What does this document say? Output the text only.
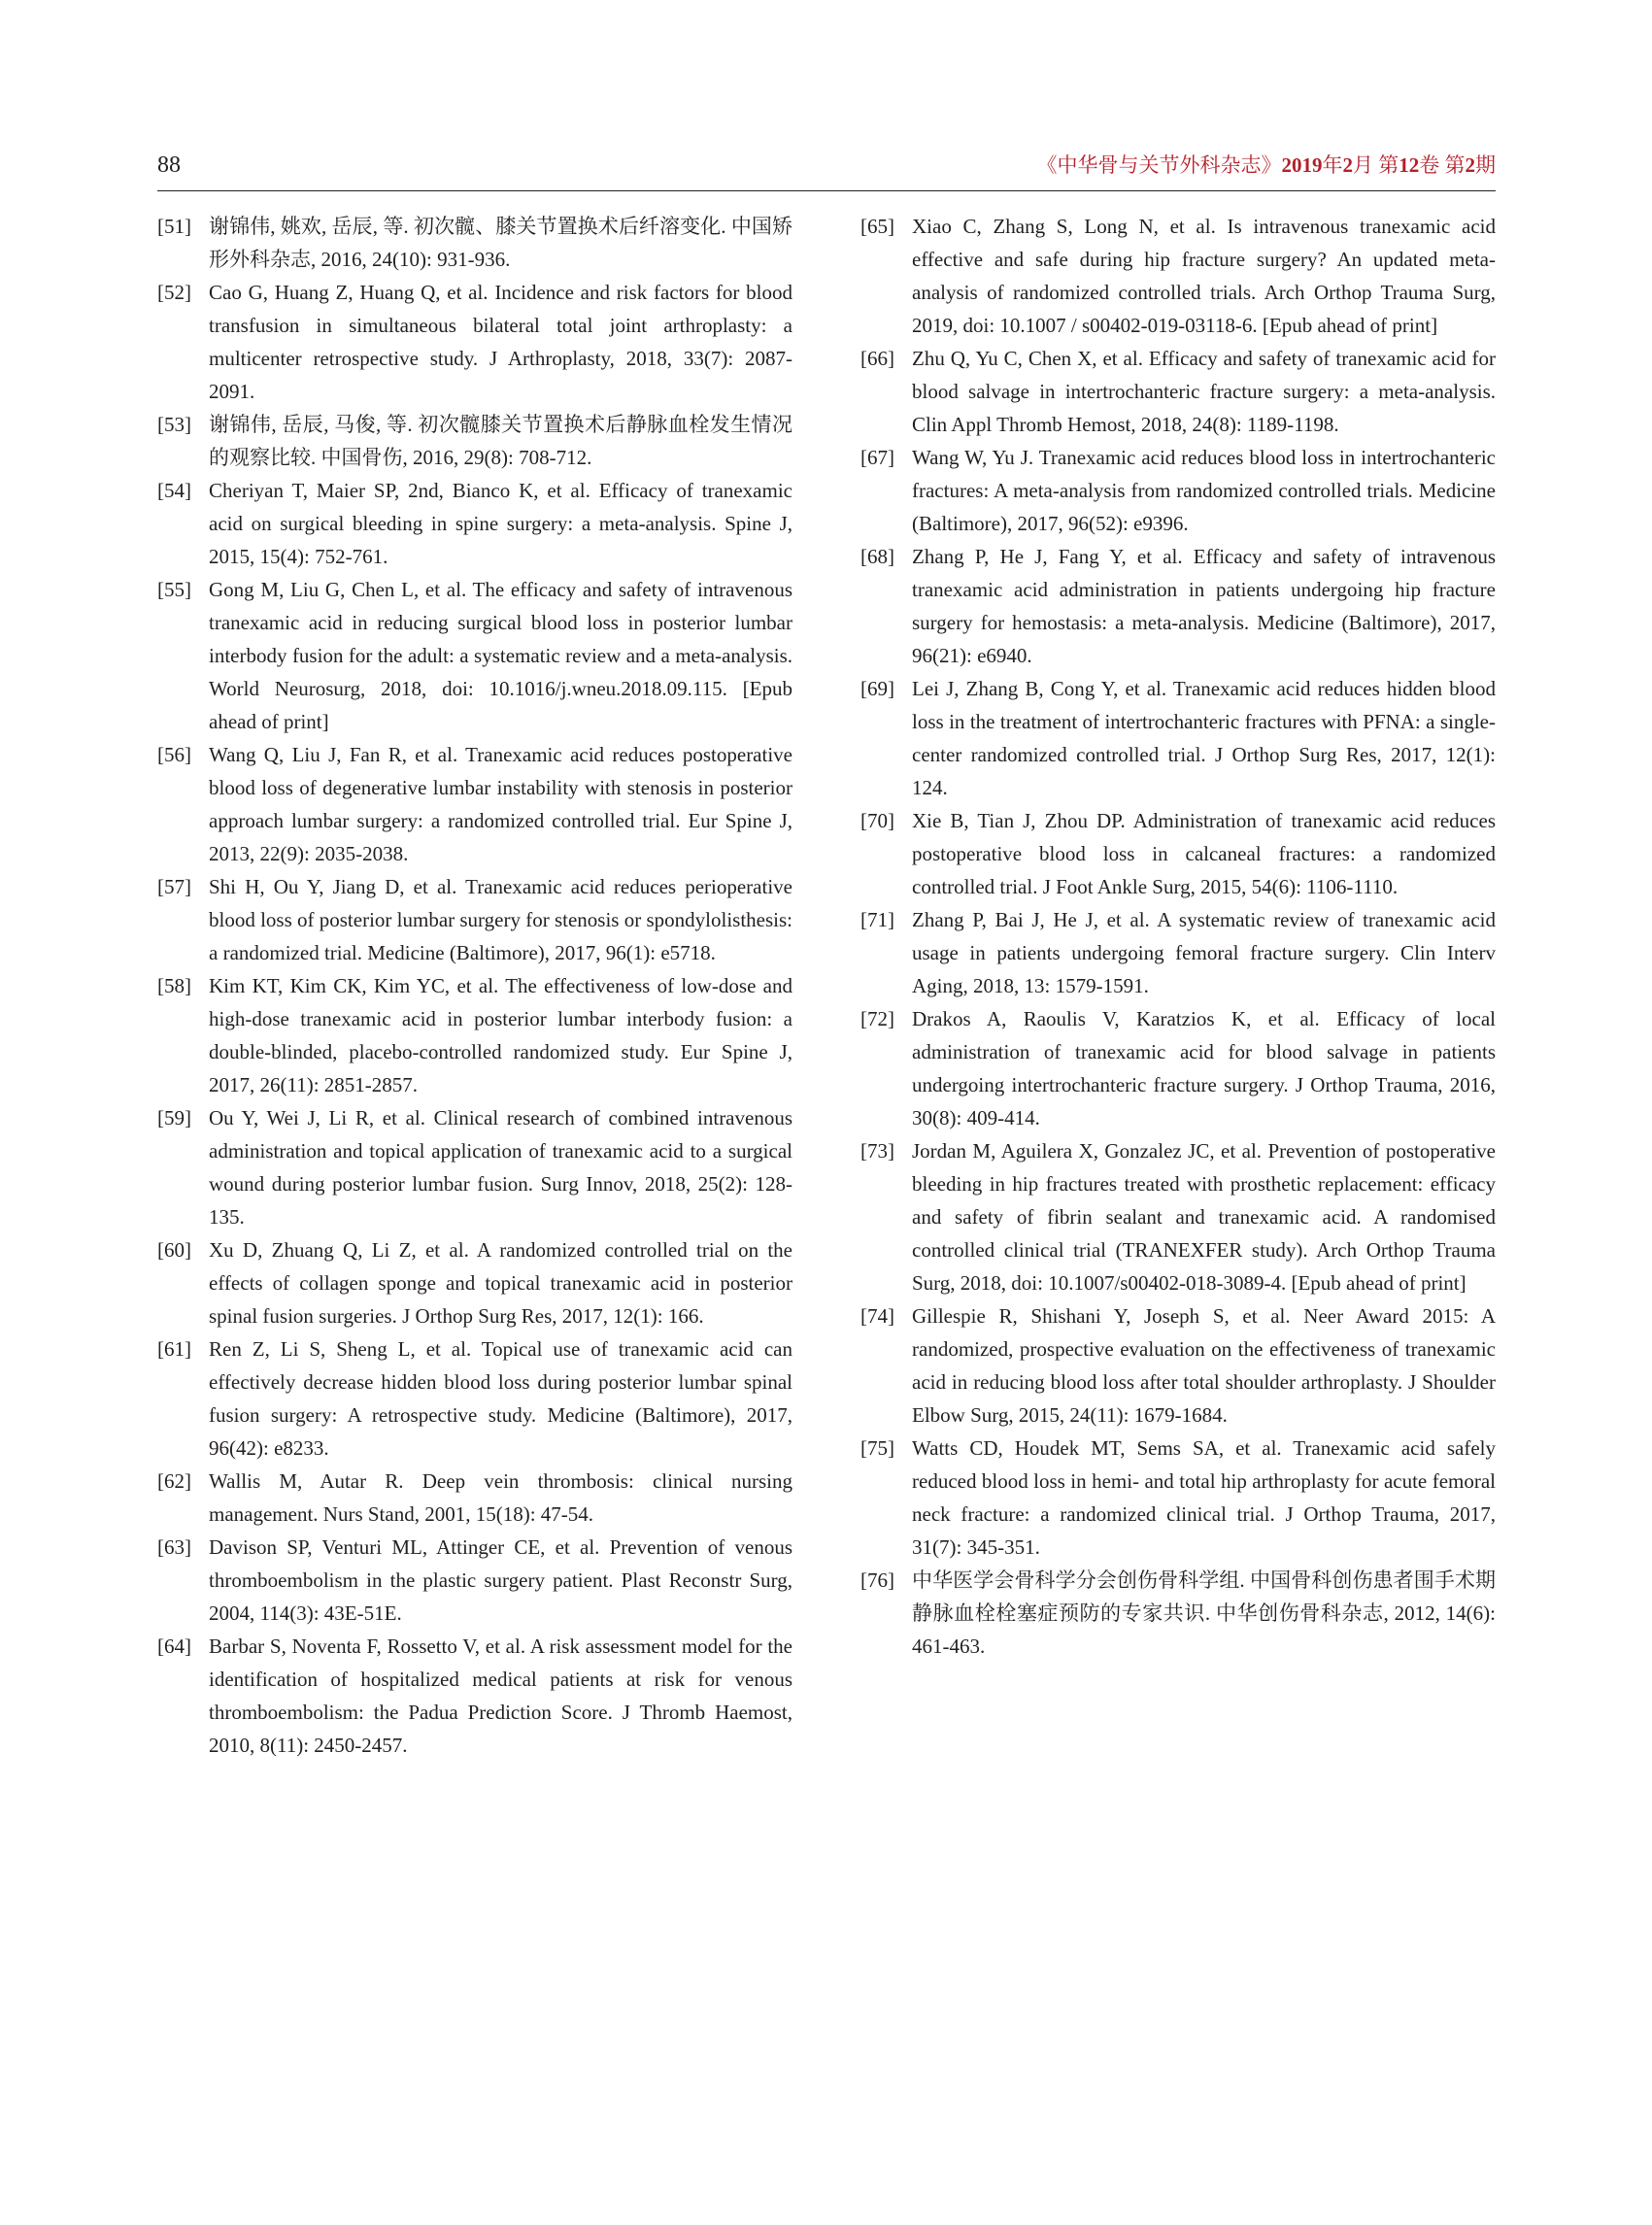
88	《中华骨与关节外科杂志》2019年2月 第12卷 第2期

[51] 谢锦伟, 姚欢, 岳辰, 等. 初次髋、膝关节置换术后纤溶变化. 中国矫形外科杂志, 2016, 24(10): 931-936.

[52] Cao G, Huang Z, Huang Q, et al. Incidence and risk factors for blood transfusion in simultaneous bilateral total joint arthroplasty: a multicenter retrospective study. J Arthroplasty, 2018, 33(7): 2087-2091.

[53] 谢锦伟, 岳辰, 马俊, 等. 初次髋膝关节置换术后静脉血栓发生情况的观察比较. 中国骨伤, 2016, 29(8): 708-712.

[54] Cheriyan T, Maier SP, 2nd, Bianco K, et al. Efficacy of tranexamic acid on surgical bleeding in spine surgery: a meta-analysis. Spine J, 2015, 15(4): 752-761.

[55] Gong M, Liu G, Chen L, et al. The efficacy and safety of intravenous tranexamic acid in reducing surgical blood loss in posterior lumbar interbody fusion for the adult: a systematic review and a meta-analysis. World Neurosurg, 2018, doi: 10.1016/j.wneu.2018.09.115. [Epub ahead of print]

[56] Wang Q, Liu J, Fan R, et al. Tranexamic acid reduces postoperative blood loss of degenerative lumbar instability with stenosis in posterior approach lumbar surgery: a randomized controlled trial. Eur Spine J, 2013, 22(9): 2035-2038.

[57] Shi H, Ou Y, Jiang D, et al. Tranexamic acid reduces perioperative blood loss of posterior lumbar surgery for stenosis or spondylolisthesis: a randomized trial. Medicine (Baltimore), 2017, 96(1): e5718.

[58] Kim KT, Kim CK, Kim YC, et al. The effectiveness of low-dose and high-dose tranexamic acid in posterior lumbar interbody fusion: a double-blinded, placebo-controlled randomized study. Eur Spine J, 2017, 26(11): 2851-2857.

[59] Ou Y, Wei J, Li R, et al. Clinical research of combined intravenous administration and topical application of tranexamic acid to a surgical wound during posterior lumbar fusion. Surg Innov, 2018, 25(2): 128-135.

[60] Xu D, Zhuang Q, Li Z, et al. A randomized controlled trial on the effects of collagen sponge and topical tranexamic acid in posterior spinal fusion surgeries. J Orthop Surg Res, 2017, 12(1): 166.

[61] Ren Z, Li S, Sheng L, et al. Topical use of tranexamic acid can effectively decrease hidden blood loss during posterior lumbar spinal fusion surgery: A retrospective study. Medicine (Baltimore), 2017, 96(42): e8233.

[62] Wallis M, Autar R. Deep vein thrombosis: clinical nursing management. Nurs Stand, 2001, 15(18): 47-54.

[63] Davison SP, Venturi ML, Attinger CE, et al. Prevention of venous thromboembolism in the plastic surgery patient. Plast Reconstr Surg, 2004, 114(3): 43E-51E.

[64] Barbar S, Noventa F, Rossetto V, et al. A risk assessment model for the identification of hospitalized medical patients at risk for venous thromboembolism: the Padua Prediction Score. J Thromb Haemost, 2010, 8(11): 2450-2457.

[65] Xiao C, Zhang S, Long N, et al. Is intravenous tranexamic acid effective and safe during hip fracture surgery? An updated meta-analysis of randomized controlled trials. Arch Orthop Trauma Surg, 2019, doi: 10.1007 / s00402-019-03118-6. [Epub ahead of print]

[66] Zhu Q, Yu C, Chen X, et al. Efficacy and safety of tranexamic acid for blood salvage in intertrochanteric fracture surgery: a meta-analysis. Clin Appl Thromb Hemost, 2018, 24(8): 1189-1198.

[67] Wang W, Yu J. Tranexamic acid reduces blood loss in intertrochanteric fractures: A meta-analysis from randomized controlled trials. Medicine (Baltimore), 2017, 96(52): e9396.

[68] Zhang P, He J, Fang Y, et al. Efficacy and safety of intravenous tranexamic acid administration in patients undergoing hip fracture surgery for hemostasis: a meta-analysis. Medicine (Baltimore), 2017, 96(21): e6940.

[69] Lei J, Zhang B, Cong Y, et al. Tranexamic acid reduces hidden blood loss in the treatment of intertrochanteric fractures with PFNA: a single-center randomized controlled trial. J Orthop Surg Res, 2017, 12(1): 124.

[70] Xie B, Tian J, Zhou DP. Administration of tranexamic acid reduces postoperative blood loss in calcaneal fractures: a randomized controlled trial. J Foot Ankle Surg, 2015, 54(6): 1106-1110.

[71] Zhang P, Bai J, He J, et al. A systematic review of tranexamic acid usage in patients undergoing femoral fracture surgery. Clin Interv Aging, 2018, 13: 1579-1591.

[72] Drakos A, Raoulis V, Karatzios K, et al. Efficacy of local administration of tranexamic acid for blood salvage in patients undergoing intertrochanteric fracture surgery. J Orthop Trauma, 2016, 30(8): 409-414.

[73] Jordan M, Aguilera X, Gonzalez JC, et al. Prevention of postoperative bleeding in hip fractures treated with prosthetic replacement: efficacy and safety of fibrin sealant and tranexamic acid. A randomised controlled clinical trial (TRANEXFER study). Arch Orthop Trauma Surg, 2018, doi: 10.1007/s00402-018-3089-4. [Epub ahead of print]

[74] Gillespie R, Shishani Y, Joseph S, et al. Neer Award 2015: A randomized, prospective evaluation on the effectiveness of tranexamic acid in reducing blood loss after total shoulder arthroplasty. J Shoulder Elbow Surg, 2015, 24(11): 1679-1684.

[75] Watts CD, Houdek MT, Sems SA, et al. Tranexamic acid safely reduced blood loss in hemi- and total hip arthroplasty for acute femoral neck fracture: a randomized clinical trial. J Orthop Trauma, 2017, 31(7): 345-351.

[76] 中华医学会骨科学分会创伤骨科学组. 中国骨科创伤患者围手术期静脉血栓栓塞症预防的专家共识. 中华创伤骨科杂志, 2012, 14(6): 461-463.
